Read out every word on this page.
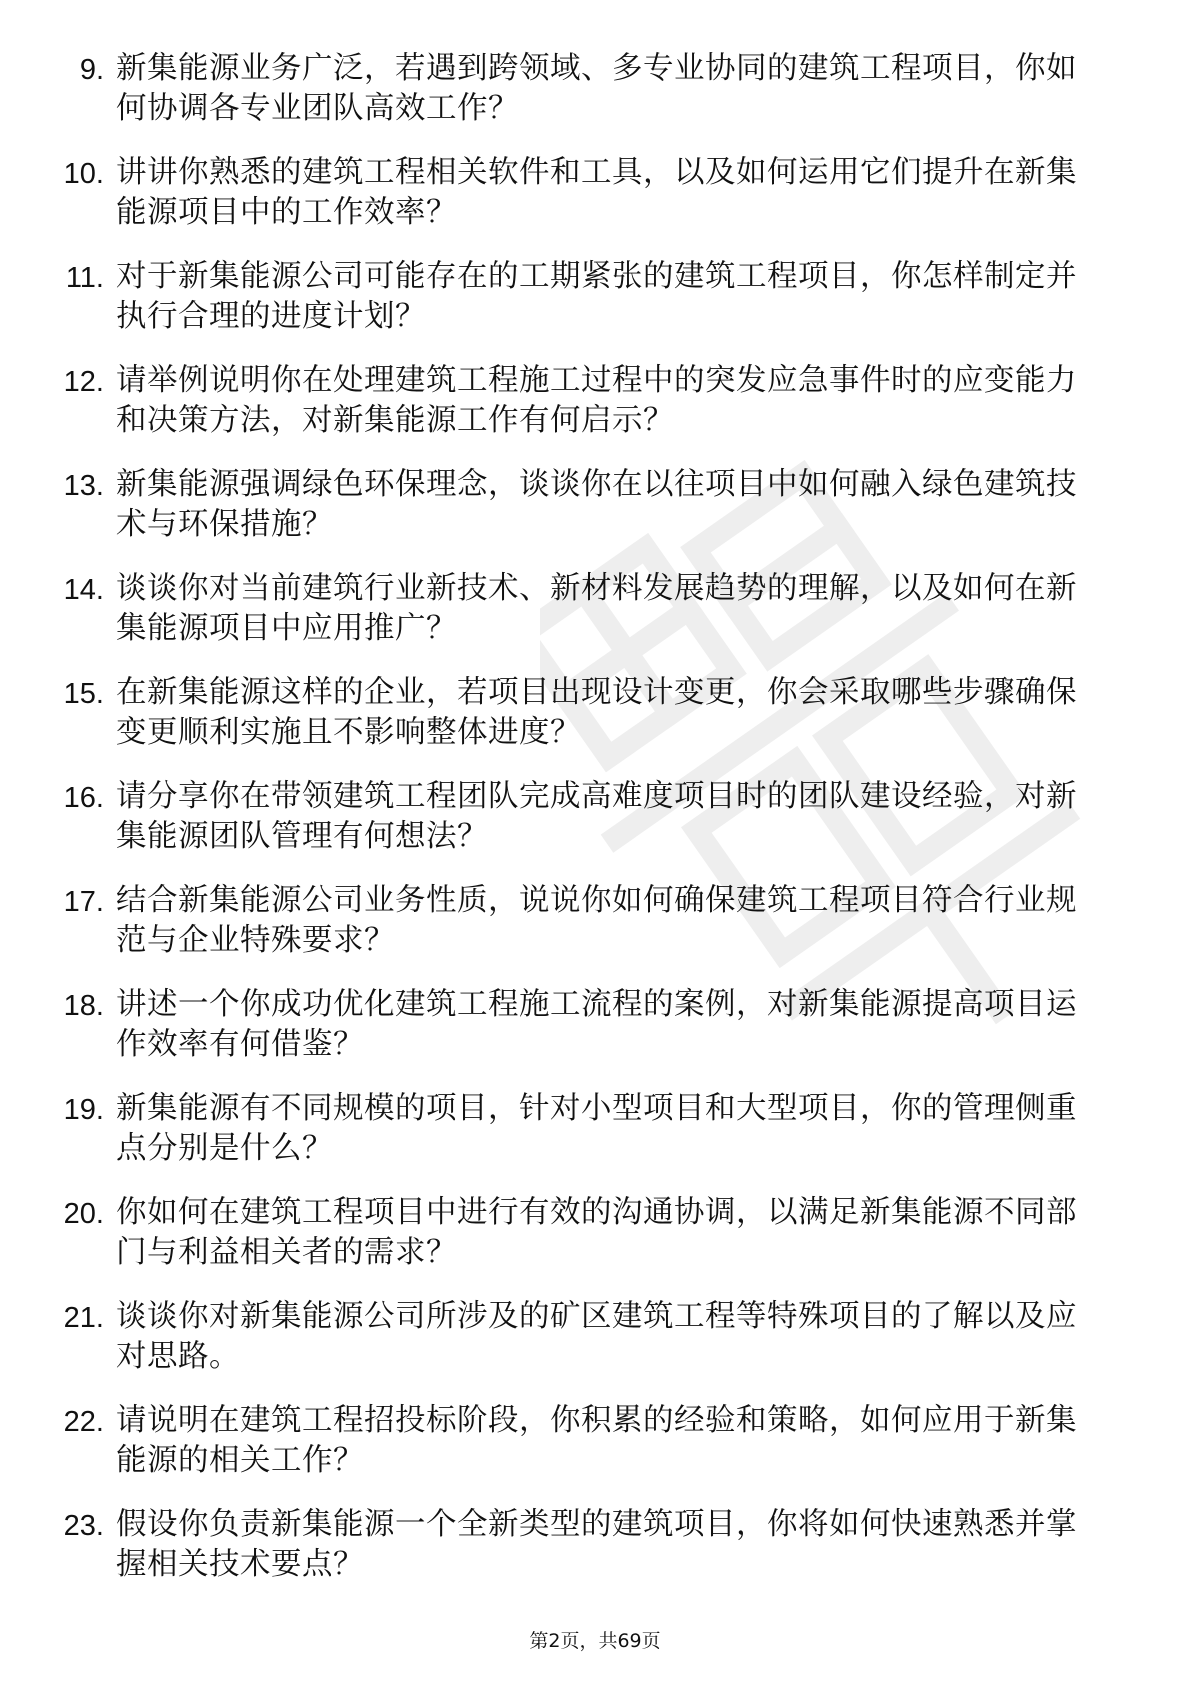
9. 新集能源业务广泛，若遇到跨领域、多专业协同的建筑工程项目，你如何协调各专业团队高效工作？
10. 讲讲你熟悉的建筑工程相关软件和工具，以及如何运用它们提升在新集能源项目中的工作效率？
11. 对于新集能源公司可能存在的工期紧张的建筑工程项目，你怎样制定并执行合理的进度计划？
12. 请举例说明你在处理建筑工程施工过程中的突发应急事件时的应变能力和决策方法，对新集能源工作有何启示？
13. 新集能源强调绿色环保理念，谈谈你在以往项目中如何融入绿色建筑技术与环保措施？
14. 谈谈你对当前建筑行业新技术、新材料发展趋势的理解，以及如何在新集能源项目中应用推广？
15. 在新集能源这样的企业，若项目出现设计变更，你会采取哪些步骤确保变更顺利实施且不影响整体进度？
16. 请分享你在带领建筑工程团队完成高难度项目时的团队建设经验，对新集能源团队管理有何想法？
17. 结合新集能源公司业务性质，说说你如何确保建筑工程项目符合行业规范与企业特殊要求？
18. 讲述一个你成功优化建筑工程施工流程的案例，对新集能源提高项目运作效率有何借鉴？
19. 新集能源有不同规模的项目，针对小型项目和大型项目，你的管理侧重点分别是什么？
20. 你如何在建筑工程项目中进行有效的沟通协调，以满足新集能源不同部门与利益相关者的需求？
21. 谈谈你对新集能源公司所涉及的矿区建筑工程等特殊项目的了解以及应对思路。
22. 请说明在建筑工程招投标阶段，你积累的经验和策略，如何应用于新集能源的相关工作？
23. 假设你负责新集能源一个全新类型的建筑项目，你将如何快速熟悉并掌握相关技术要点？
第2页，共69页
